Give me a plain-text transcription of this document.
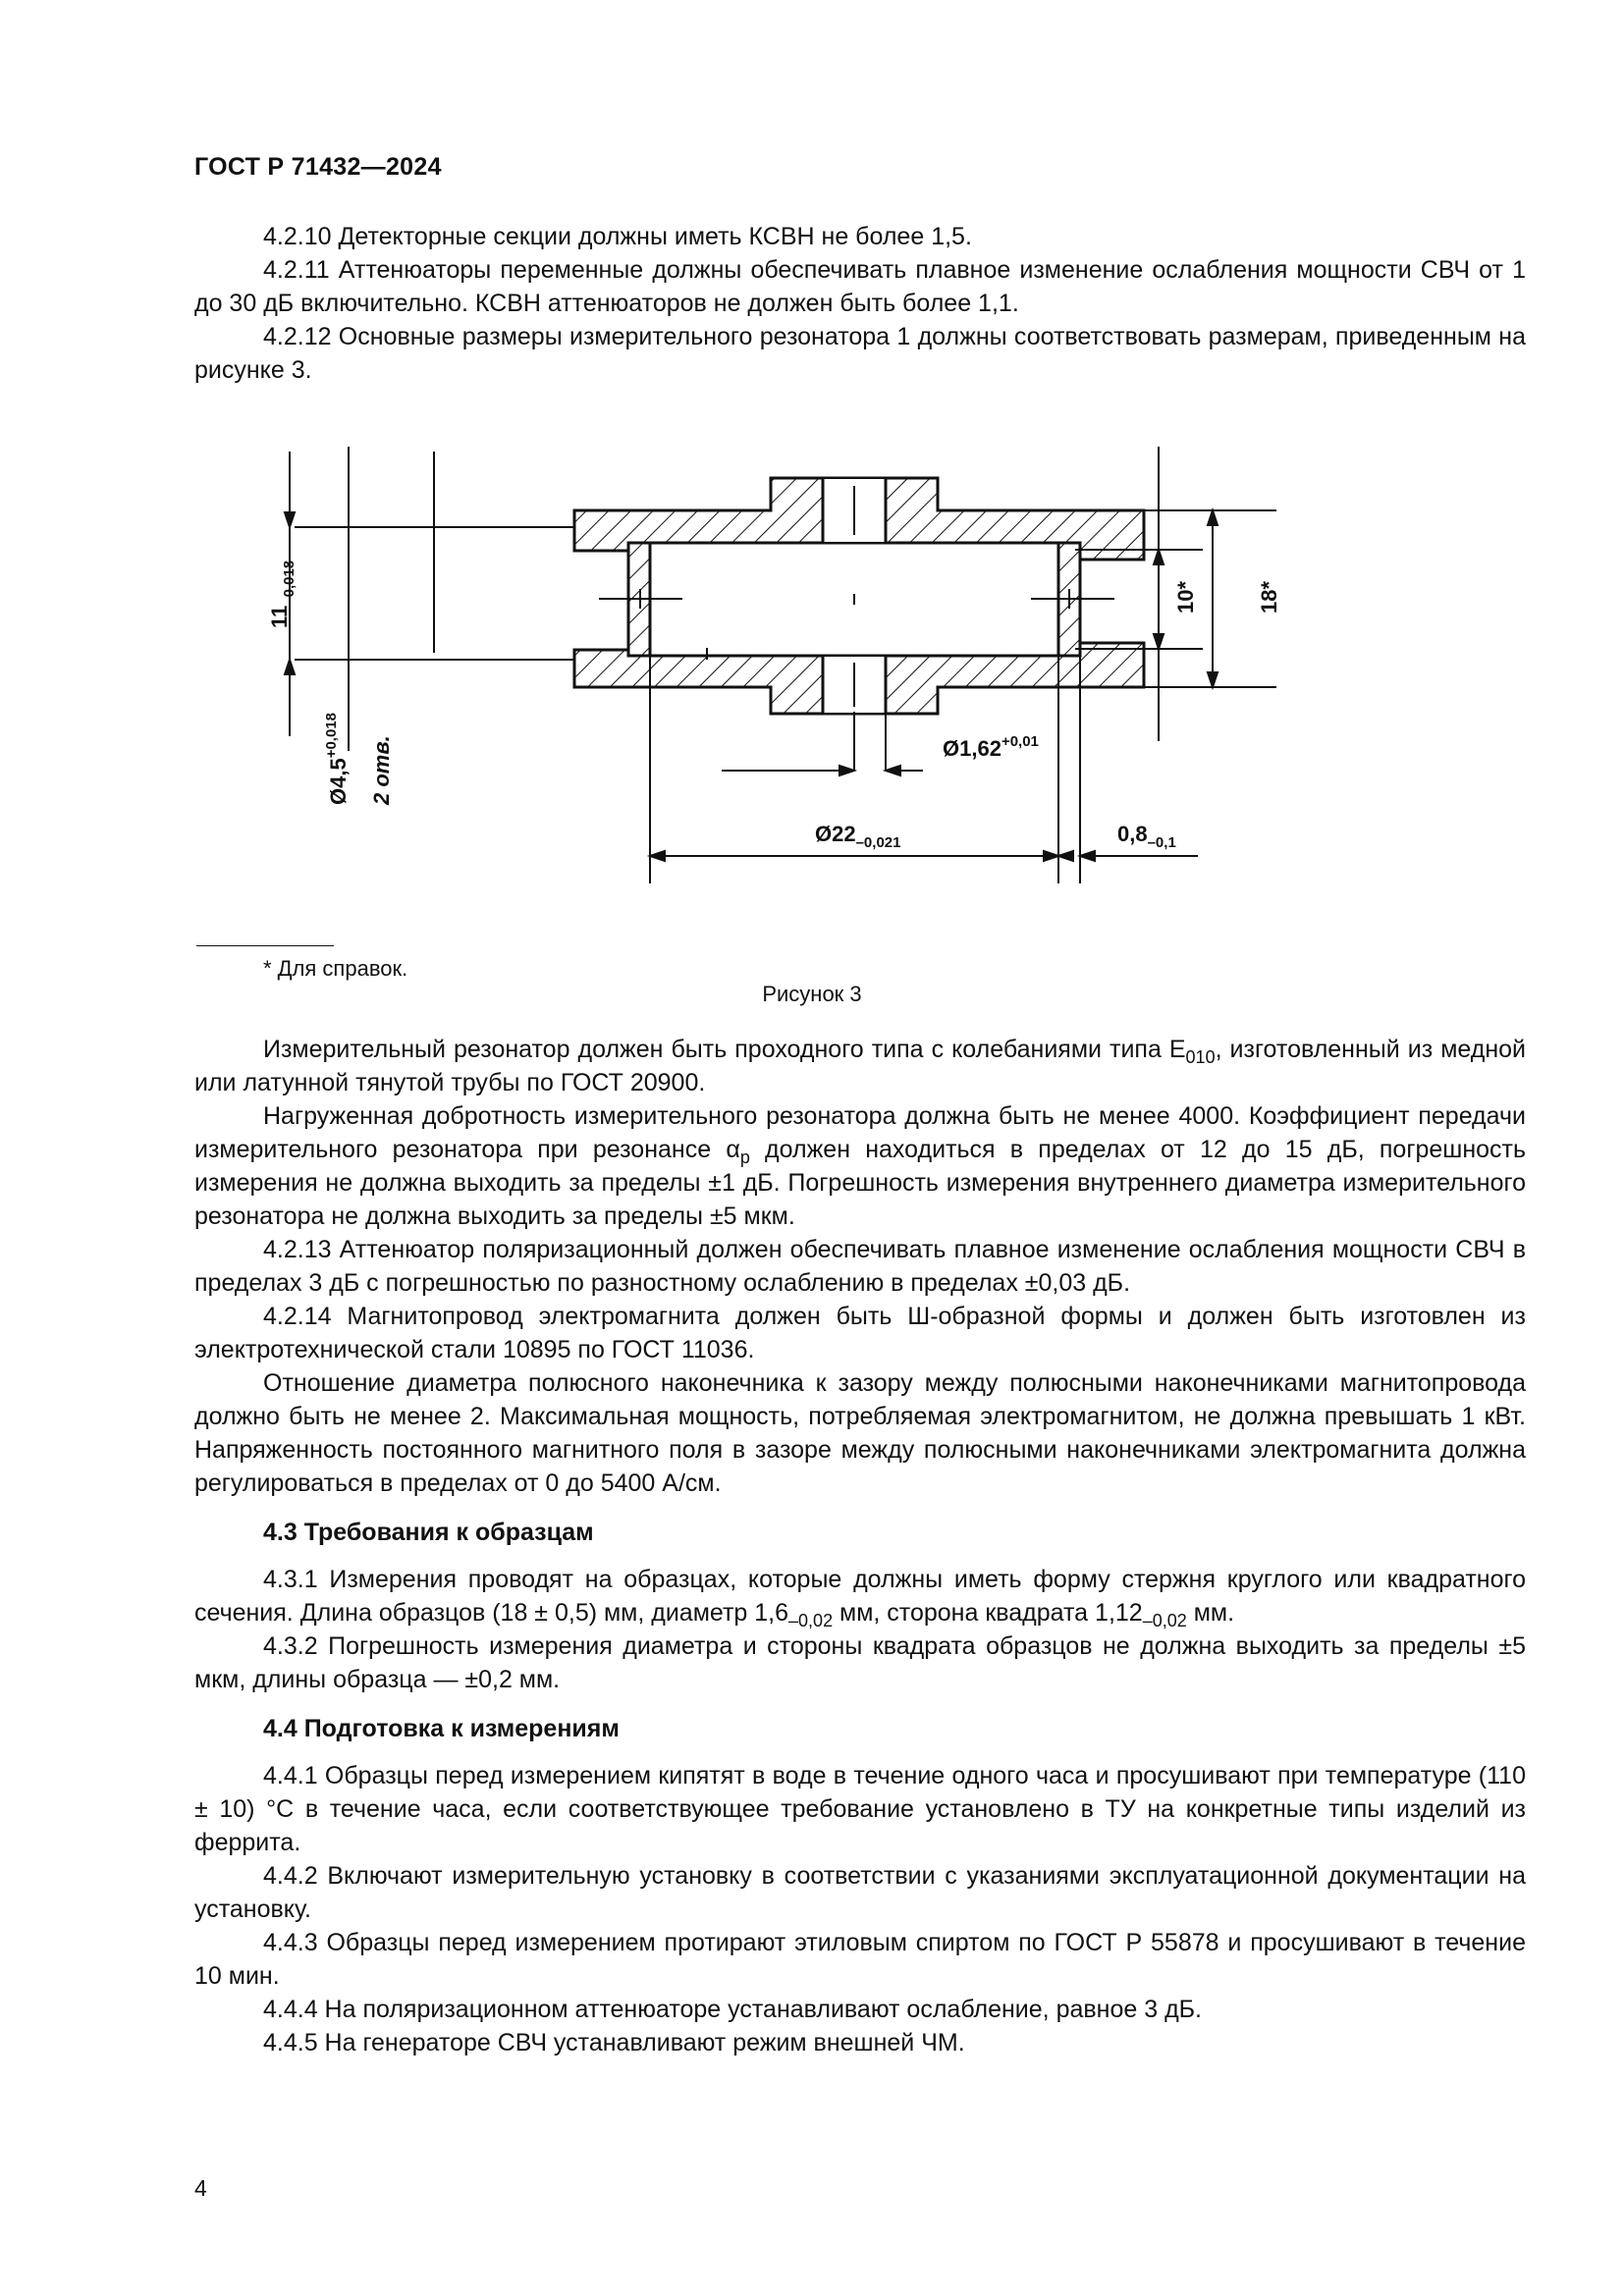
ГОСТ Р 71432—2024

4.2.10 Детекторные секции должны иметь КСВН не более 1,5.

4.2.11 Аттенюаторы переменные должны обеспечивать плавное изменение ослабления мощности СВЧ от 1 до 30 дБ включительно. КСВН аттенюаторов не должен быть более 1,1.

4.2.12 Основные размеры измерительного резонатора 1 должны соответствовать размерам, приведенным на рисунке 3.

$11_{-0,018}$
$Ø4,5^{+0,018}$
2 отв.
10*	18*
$Ø1,62^{+0,01}$
$Ø22_{-0,021}$	$0,8_{-0,1}$
* Для справок.
Рисунок 3

Измерительный резонатор должен быть проходного типа с колебаниями типа $E_{010}$, изготовленный из медной или латунной тянутой трубы по ГОСТ 20900.

Нагруженная добротность измерительного резонатора должна быть не менее 4000. Коэффициент передачи измерительного резонатора при резонансе $\alpha_p$ должен находиться в пределах от 12 до 15 дБ, погрешность измерения не должна выходить за пределы ±1 дБ. Погрешность измерения внутреннего диаметра измерительного резонатора не должна выходить за пределы ±5 мкм.

4.2.13 Аттенюатор поляризационный должен обеспечивать плавное изменение ослабления мощности СВЧ в пределах 3 дБ с погрешностью по разностному ослаблению в пределах ±0,03 дБ.

4.2.14 Магнитопровод электромагнита должен быть Ш-образной формы и должен быть изготовлен из электротехнической стали 10895 по ГОСТ 11036.

Отношение диаметра полюсного наконечника к зазору между полюсными наконечниками магнитопровода должно быть не менее 2. Максимальная мощность, потребляемая электромагнитом, не должна превышать 1 кВт. Напряженность постоянного магнитного поля в зазоре между полюсными наконечниками электромагнита должна регулироваться в пределах от 0 до 5400 А/см.

4.3 Требования к образцам

4.3.1 Измерения проводят на образцах, которые должны иметь форму стержня круглого или квадратного сечения. Длина образцов (18 ± 0,5) мм, диаметр $1,6_{-0,02}$ мм, сторона квадрата $1,12_{-0,02}$ мм.

4.3.2 Погрешность измерения диаметра и стороны квадрата образцов не должна выходить за пределы ±5 мкм, длины образца — ±0,2 мм.

4.4 Подготовка к измерениям

4.4.1 Образцы перед измерением кипятят в воде в течение одного часа и просушивают при температуре (110 ± 10) °С в течение часа, если соответствующее требование установлено в ТУ на конкретные типы изделий из феррита.

4.4.2 Включают измерительную установку в соответствии с указаниями эксплуатационной документации на установку.

4.4.3 Образцы перед измерением протирают этиловым спиртом по ГОСТ Р 55878 и просушивают в течение 10 мин.

4.4.4 На поляризационном аттенюаторе устанавливают ослабление, равное 3 дБ.

4.4.5 На генераторе СВЧ устанавливают режим внешней ЧМ.

4
